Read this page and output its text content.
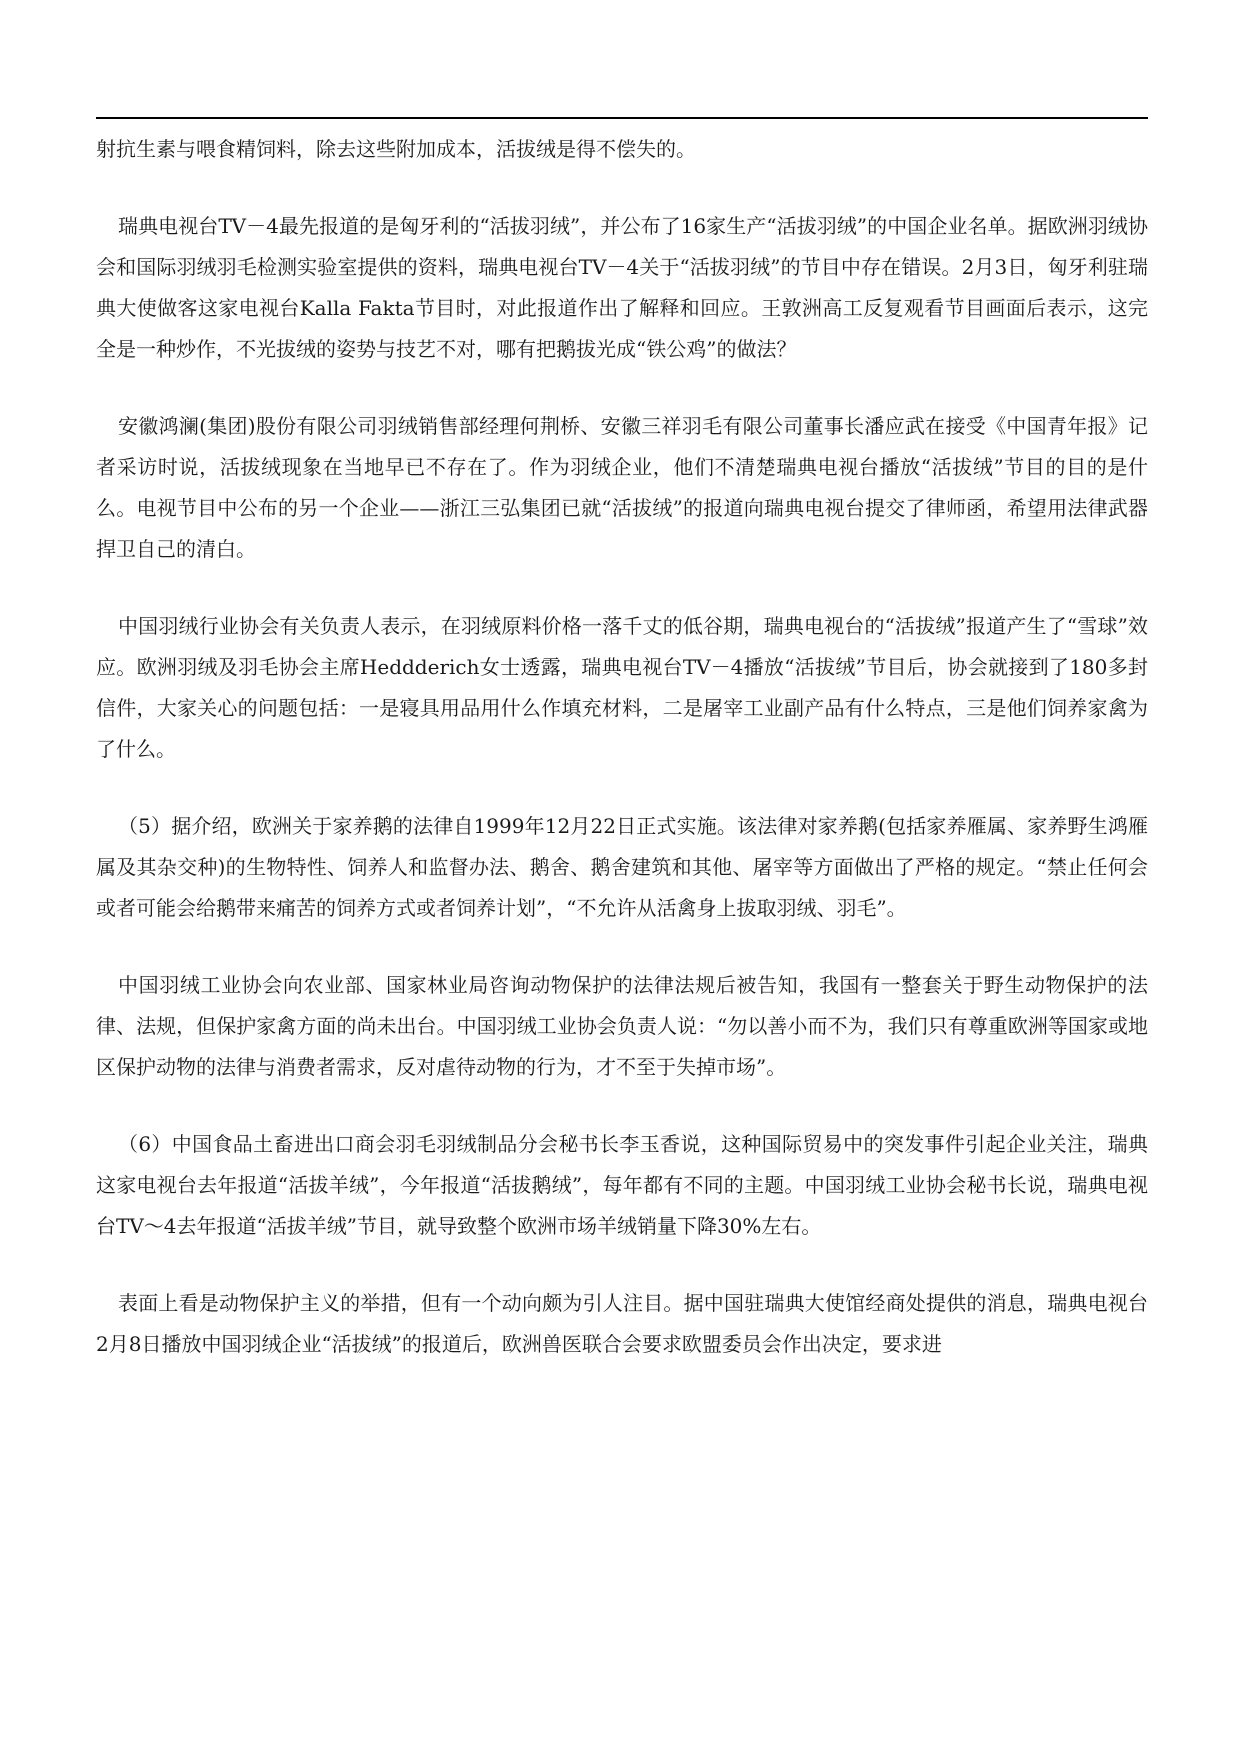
射抗生素与喂食精饲料，除去这些附加成本，活拔绒是得不偿失的。

瑞典电视台TV－4最先报道的是匈牙利的“活拔羽绒”，并公布了16家生产“活拔羽绒”的中国企业名单。据欧洲羽绒协会和国际羽绒羽毛检测实验室提供的资料，瑞典电视台TV－4关于“活拔羽绒”的节目中存在错误。2月3日，匈牙利驻瑞典大使做客这家电视台Kalla Fakta节目时，对此报道作出了解释和回应。王敦洲高工反复观看节目画面后表示，这完全是一种炒作，不光拔绒的姿势与技艺不对，哪有把鹅拔光成“铁公鸡”的做法？

安徽鸿澜(集团)股份有限公司羽绒销售部经理何荆桥、安徽三祥羽毛有限公司董事长潘应武在接受《中国青年报》记者采访时说，活拔绒现象在当地早已不存在了。作为羽绒企业，他们不清楚瑞典电视台播放“活拔绒”节目的目的是什么。电视节目中公布的另一个企业——浙江三弘集团已就“活拔绒”的报道向瑞典电视台提交了律师函，希望用法律武器捍卫自己的清白。

中国羽绒行业协会有关负责人表示，在羽绒原料价格一落千丈的低谷期，瑞典电视台的“活拔绒”报道产生了“雪球”效应。欧洲羽绒及羽毛协会主席Heddderich女士透露，瑞典电视台TV－4播放“活拔绒”节目后，协会就接到了180多封信件，大家关心的问题包括：一是寝具用品用什么作填充材料，二是屠宰工业副产品有什么特点，三是他们饲养家禽为了什么。

（5）据介绍，欧洲关于家养鹅的法律自1999年12月22日正式实施。该法律对家养鹅(包括家养雁属、家养野生鸿雁属及其杂交种)的生物特性、饲养人和监督办法、鹅舍、鹅舍建筑和其他、屠宰等方面做出了严格的规定。“禁止任何会或者可能会给鹅带来痛苦的饲养方式或者饲养计划”，“不允许从活禽身上拔取羽绒、羽毛”。

中国羽绒工业协会向农业部、国家林业局咨询动物保护的法律法规后被告知，我国有一整套关于野生动物保护的法律、法规，但保护家禽方面的尚未出台。中国羽绒工业协会负责人说：“勿以善小而不为，我们只有尊重欧洲等国家或地区保护动物的法律与消费者需求，反对虐待动物的行为，才不至于失掉市场”。

（6）中国食品土畜进出口商会羽毛羽绒制品分会秘书长李玉香说，这种国际贸易中的突发事件引起企业关注，瑞典这家电视台去年报道“活拔羊绒”，今年报道“活拔鹅绒”，每年都有不同的主题。中国羽绒工业协会秘书长说，瑞典电视台TV～4去年报道“活拔羊绒”节目，就导致整个欧洲市场羊绒销量下降30%左右。

表面上看是动物保护主义的举措，但有一个动向颇为引人注目。据中国驻瑞典大使馆经商处提供的消息，瑞典电视台2月8日播放中国羽绒企业“活拔绒”的报道后，欧洲兽医联合会要求欧盟委员会作出决定，要求进
